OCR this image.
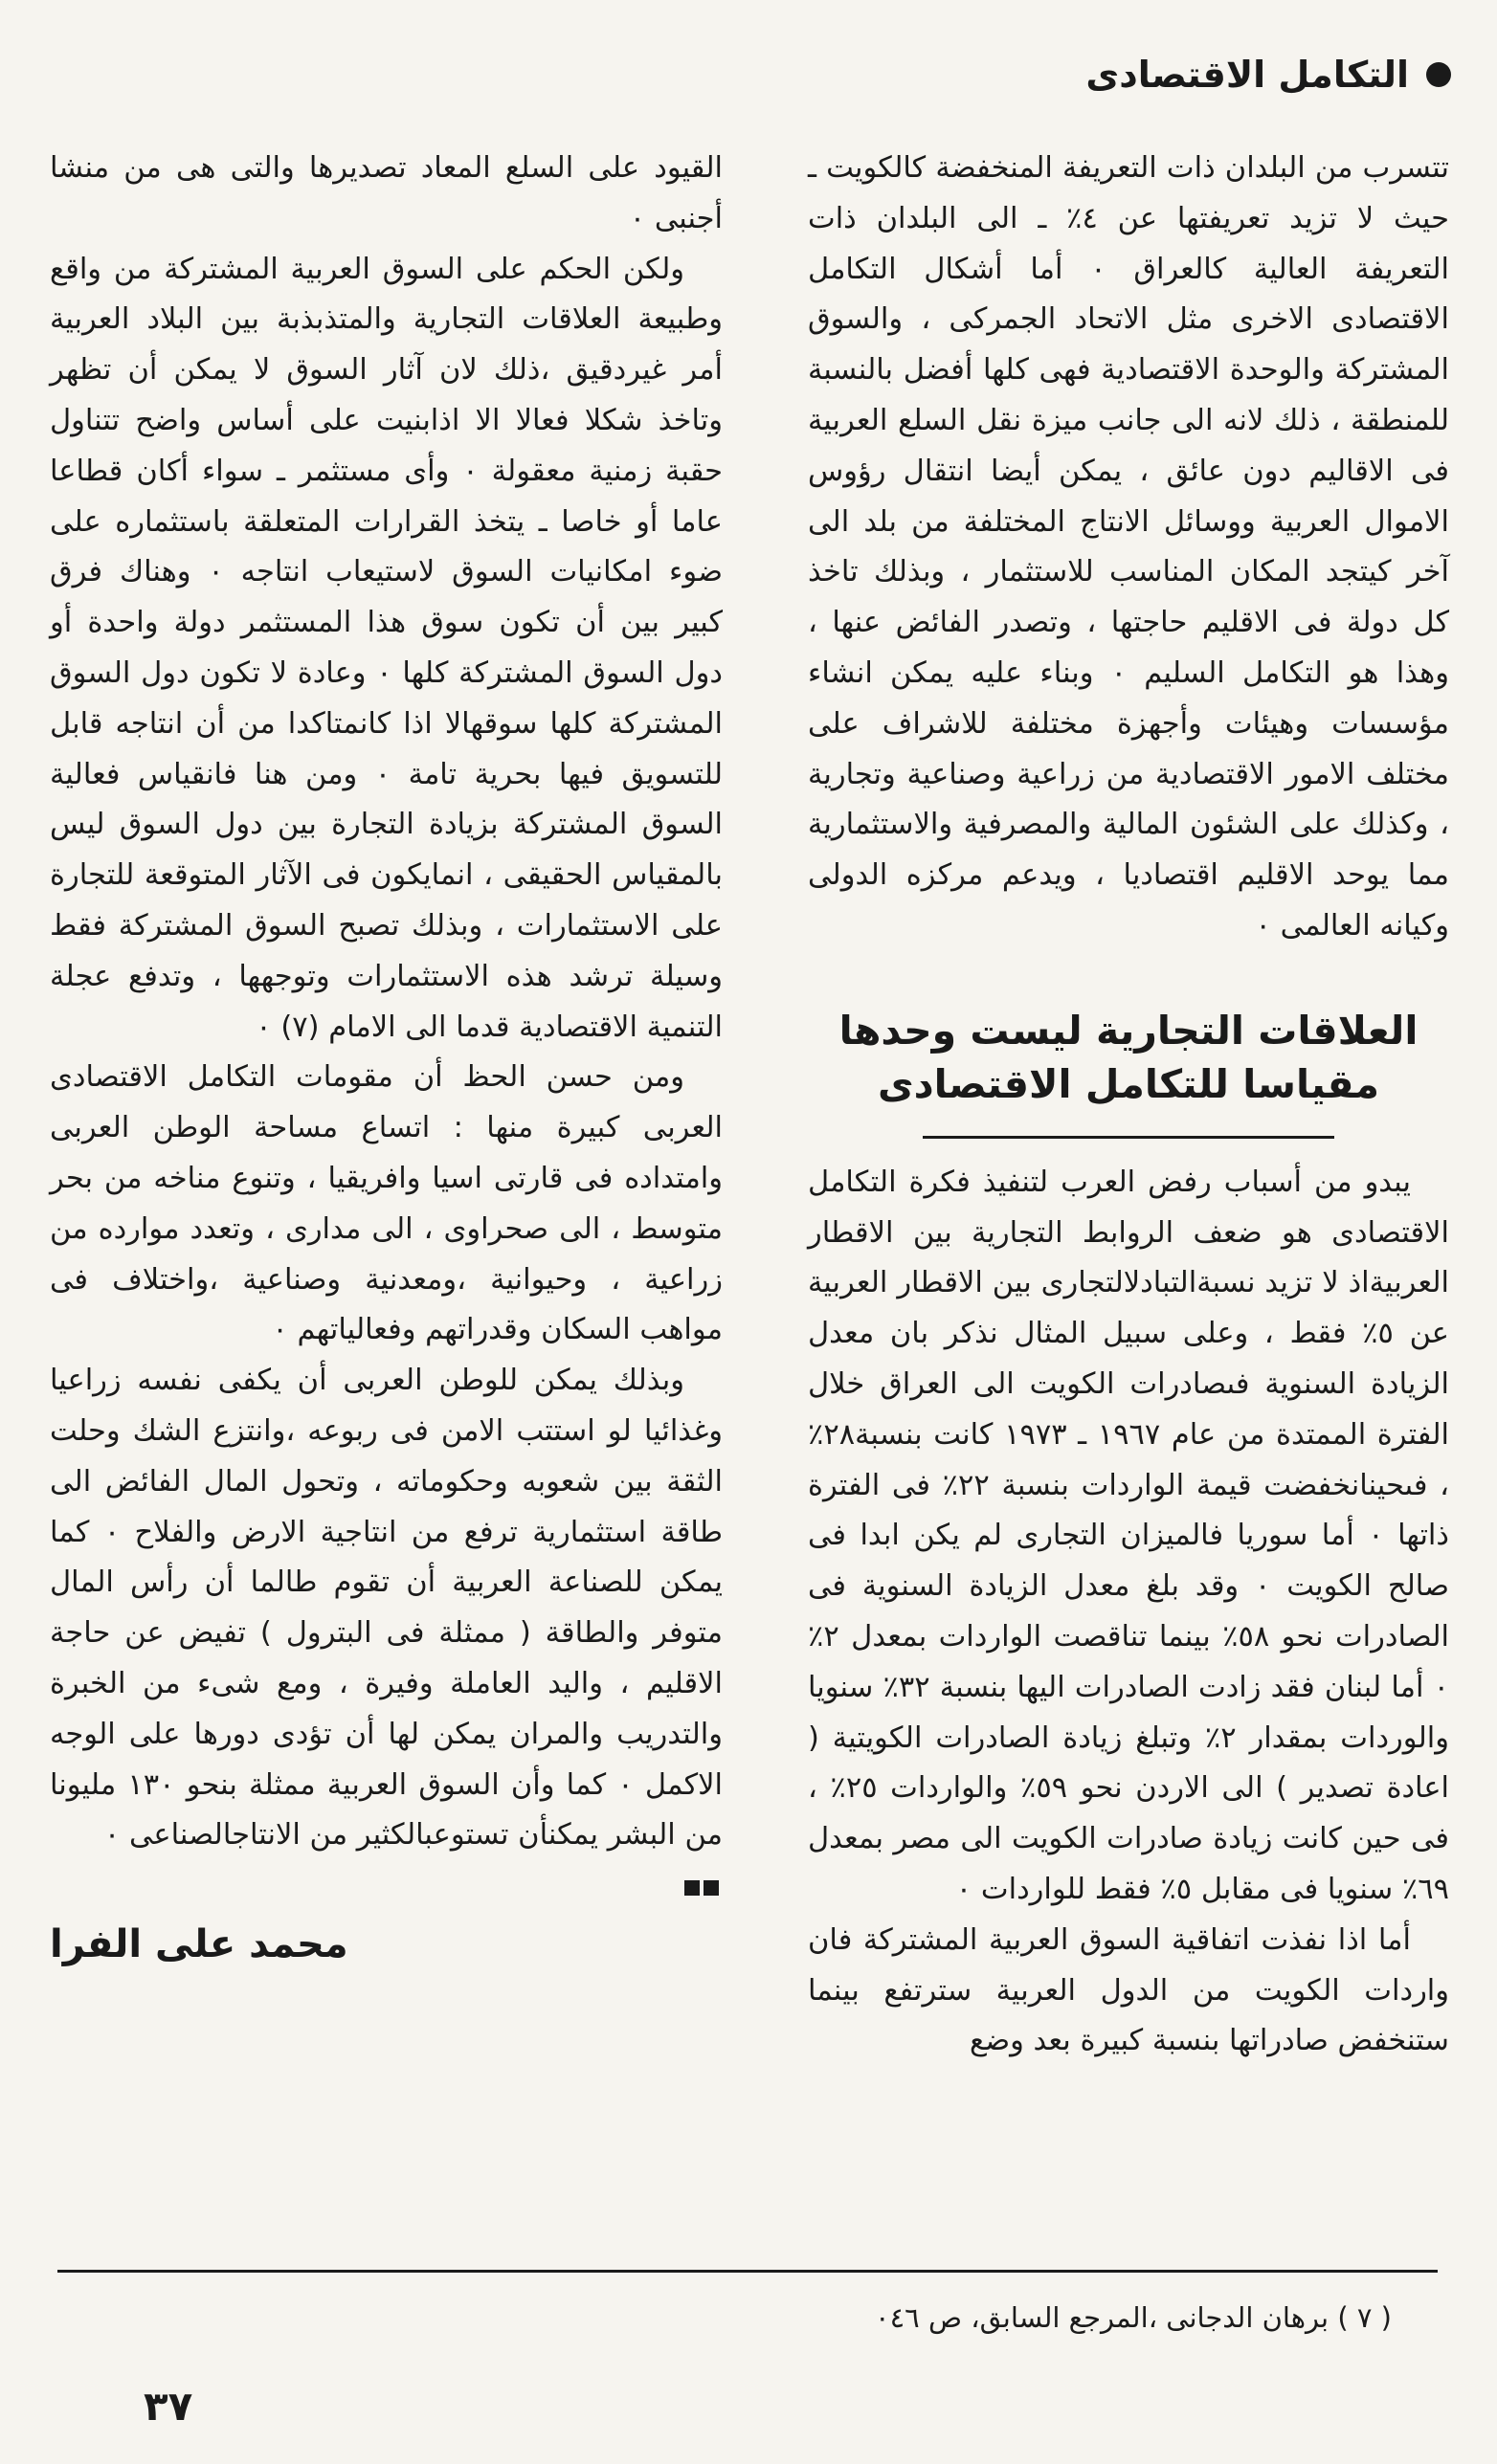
التكامل الاقتصادى

تتسرب من البلدان ذات التعريفة المنخفضة كالكويت ـ حيث لا تزيد تعريفتها عن ٤٪ ـ الى البلدان ذات التعريفة العالية كالعراق ٠ أما أشكال التكامل الاقتصادى الاخرى مثل الاتحاد الجمركى ، والسوق المشتركة والوحدة الاقتصادية فهى كلها أفضل بالنسبة للمنطقة ، ذلك لانه الى جانب ميزة نقل السلع العربية فى الاقاليم دون عائق ، يمكن أيضا انتقال رؤوس الاموال العربية ووسائل الانتاج المختلفة من بلد الى آخر كيتجد المكان المناسب للاستثمار ، وبذلك تاخذ كل دولة فى الاقليم حاجتها ، وتصدر الفائض عنها ، وهذا هو التكامل السليم ٠ وبناء عليه يمكن انشاء مؤسسات وهيئات وأجهزة مختلفة للاشراف على مختلف الامور الاقتصادية من زراعية وصناعية وتجارية ، وكذلك على الشئون المالية والمصرفية والاستثمارية مما يوحد الاقليم اقتصاديا ، ويدعم مركزه الدولى وكيانه العالمى ٠

العلاقات التجارية ليست وحدها مقياسا للتكامل الاقتصادى

يبدو من أسباب رفض العرب لتنفيذ فكرة التكامل الاقتصادى هو ضعف الروابط التجارية بين الاقطار العربيةاذ لا تزيد نسبةالتبادلالتجارى بين الاقطار العربية عن ٥٪ فقط ، وعلى سبيل المثال نذكر بان معدل الزيادة السنوية فىصادرات الكويت الى العراق خلال الفترة الممتدة من عام ١٩٦٧ ـ ١٩٧٣ كانت بنسبة٢٨٪ ، فىحينانخفضت قيمة الواردات بنسبة ٢٢٪ فى الفترة ذاتها ٠ أما سوريا فالميزان التجارى لم يكن ابدا فى صالح الكويت ٠ وقد بلغ معدل الزيادة السنوية فى الصادرات نحو ٥٨٪ بينما تناقصت الواردات بمعدل ٢٪ ٠ أما لبنان فقد زادت الصادرات اليها بنسبة ٣٢٪ سنويا والوردات بمقدار ٢٪ وتبلغ زيادة الصادرات الكويتية ( اعادة تصدير ) الى الاردن نحو ٥٩٪ والواردات ٢٥٪ ، فى حين كانت زيادة صادرات الكويت الى مصر بمعدل ٦٩٪ سنويا فى مقابل ٥٪ فقط للواردات ٠

أما اذا نفذت اتفاقية السوق العربية المشتركة فان واردات الكويت من الدول العربية سترتفع بينما ستنخفض صادراتها بنسبة كبيرة بعد وضع

القيود على السلع المعاد تصديرها والتى هى من منشا أجنبى ٠

ولكن الحكم على السوق العربية المشتركة من واقع وطبيعة العلاقات التجارية والمتذبذبة بين البلاد العربية أمر غيردقيق ،ذلك لان آثار السوق لا يمكن أن تظهر وتاخذ شكلا فعالا الا اذابنيت على أساس واضح تتناول حقبة زمنية معقولة ٠ وأى مستثمر ـ سواء أكان قطاعا عاما أو خاصا ـ يتخذ القرارات المتعلقة باستثماره على ضوء امكانيات السوق لاستيعاب انتاجه ٠ وهناك فرق كبير بين أن تكون سوق هذا المستثمر دولة واحدة أو دول السوق المشتركة كلها ٠ وعادة لا تكون دول السوق المشتركة كلها سوقهالا اذا كانمتاكدا من أن انتاجه قابل للتسويق فيها بحرية تامة ٠ ومن هنا فانقياس فعالية السوق المشتركة بزيادة التجارة بين دول السوق ليس بالمقياس الحقيقى ، انمايكون فى الآثار المتوقعة للتجارة على الاستثمارات ، وبذلك تصبح السوق المشتركة فقط وسيلة ترشد هذه الاستثمارات وتوجهها ، وتدفع عجلة التنمية الاقتصادية قدما الى الامام (٧) ٠

ومن حسن الحظ أن مقومات التكامل الاقتصادى العربى كبيرة منها : اتساع مساحة الوطن العربى وامتداده فى قارتى اسيا وافريقيا ، وتنوع مناخه من بحر متوسط ، الى صحراوى ، الى مدارى ، وتعدد موارده من زراعية ، وحيوانية ،ومعدنية وصناعية ،واختلاف فى مواهب السكان وقدراتهم وفعالياتهم ٠

وبذلك يمكن للوطن العربى أن يكفى نفسه زراعيا وغذائيا لو استتب الامن فى ربوعه ،وانتزع الشك وحلت الثقة بين شعوبه وحكوماته ، وتحول المال الفائض الى طاقة استثمارية ترفع من انتاجية الارض والفلاح ٠ كما يمكن للصناعة العربية أن تقوم طالما أن رأس المال متوفر والطاقة ( ممثلة فى البترول ) تفيض عن حاجة الاقليم ، واليد العاملة وفيرة ، ومع شىء من الخبرة والتدريب والمران يمكن لها أن تؤدى دورها على الوجه الاكمل ٠ كما وأن السوق العربية ممثلة بنحو ١٣٠ مليونا من البشر يمكنأن تستوعبالكثير من الانتاجالصناعى ٠

محمد على الفرا
( ٧ ) برهان الدجانى ،المرجع السابق، ص ٠٤٦
٣٧
